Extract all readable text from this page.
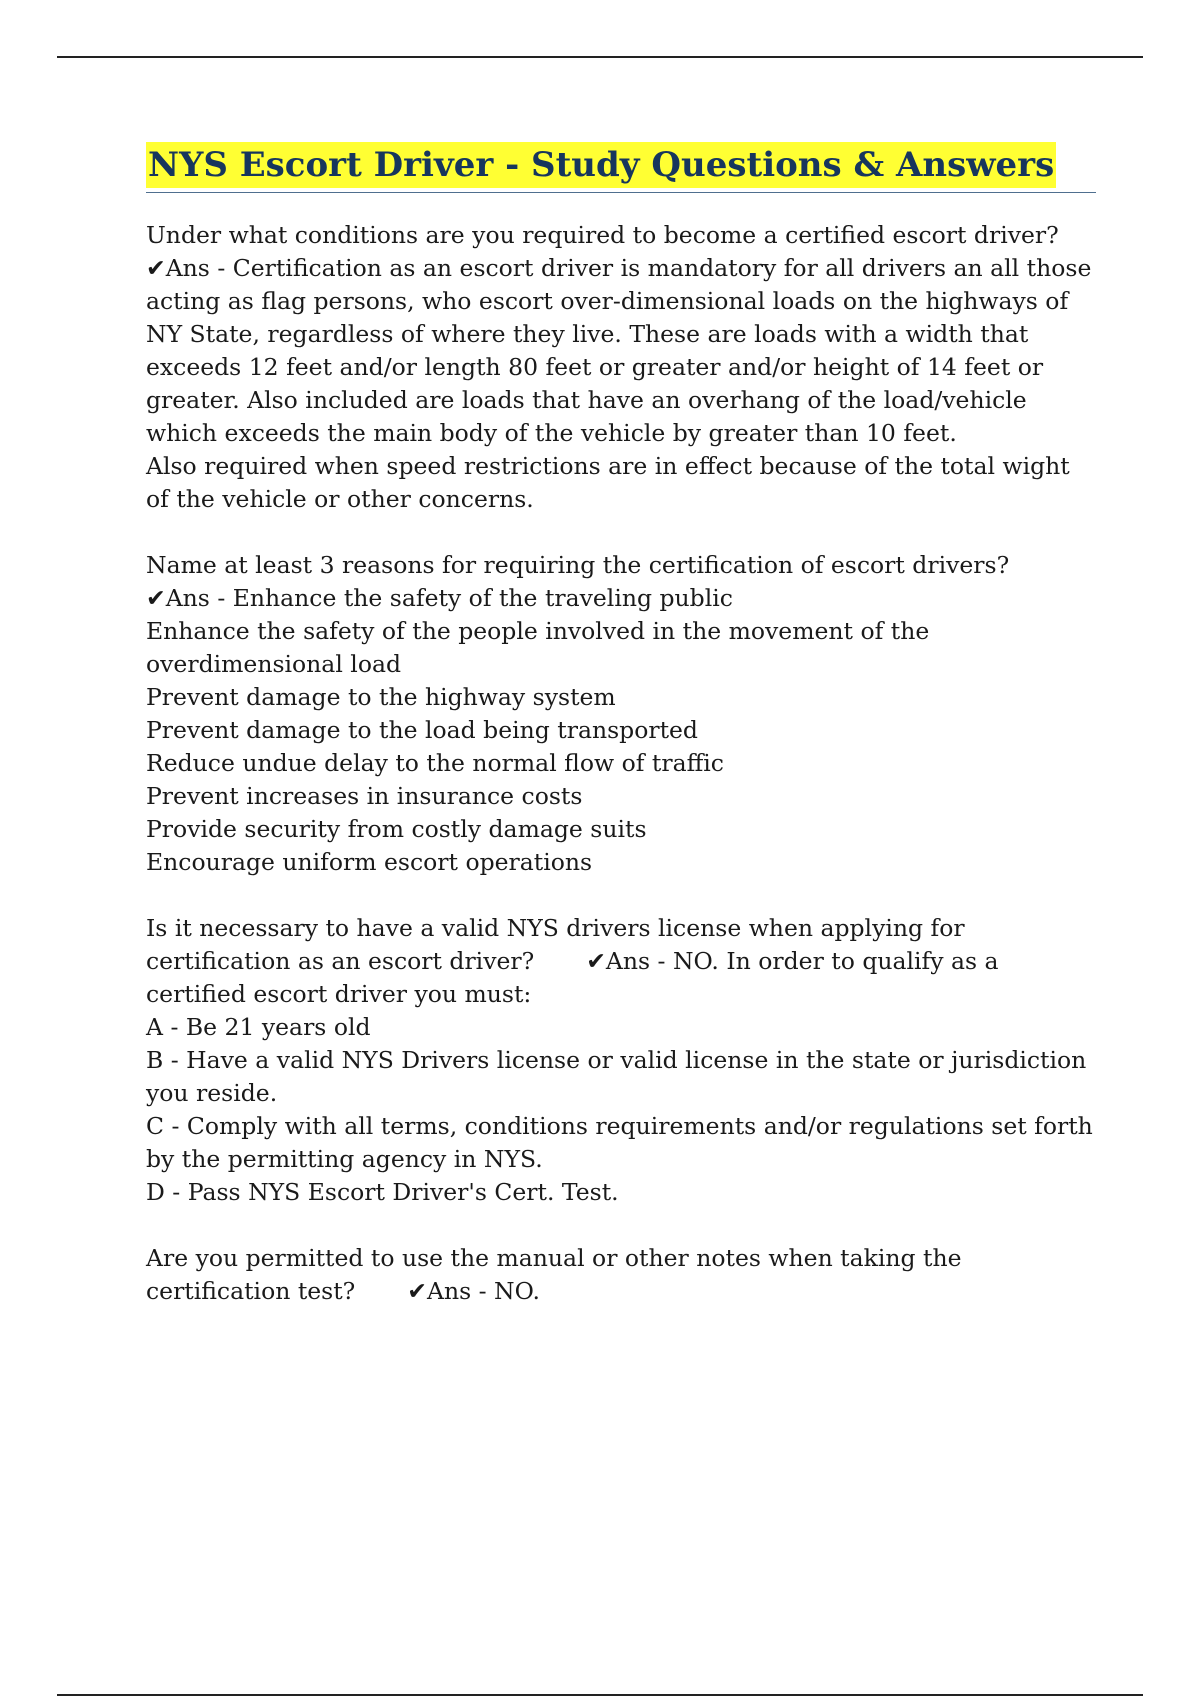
NYS Escort Driver - Study Questions & Answers

Under what conditions are you required to become a certified escort driver? ✔Ans - Certification as an escort driver is mandatory for all drivers an all those acting as flag persons, who escort over-dimensional loads on the highways of NY State, regardless of where they live. These are loads with a width that exceeds 12 feet and/or length 80 feet or greater and/or height of 14 feet or greater. Also included are loads that have an overhang of the load/vehicle which exceeds the main body of the vehicle by greater than 10 feet.

Also required when speed restrictions are in effect because of the total wight of the vehicle or other concerns.

Name at least 3 reasons for requiring the certification of escort drivers?

✔Ans - Enhance the safety of the traveling public

Enhance the safety of the people involved in the movement of the overdimensional load

Prevent damage to the highway system

Prevent damage to the load being transported

Reduce undue delay to the normal flow of traffic

Prevent increases in insurance costs

Provide security from costly damage suits

Encourage uniform escort operations

Is it necessary to have a valid NYS drivers license when applying for certification as an escort driver? ✔Ans - NO. In order to qualify as a certified escort driver you must:

A - Be 21 years old

B - Have a valid NYS Drivers license or valid license in the state or jurisdiction you reside.

C - Comply with all terms, conditions requirements and/or regulations set forth by the permitting agency in NYS.

D - Pass NYS Escort Driver's Cert. Test.

Are you permitted to use the manual or other notes when taking the certification test? ✔Ans - NO.
